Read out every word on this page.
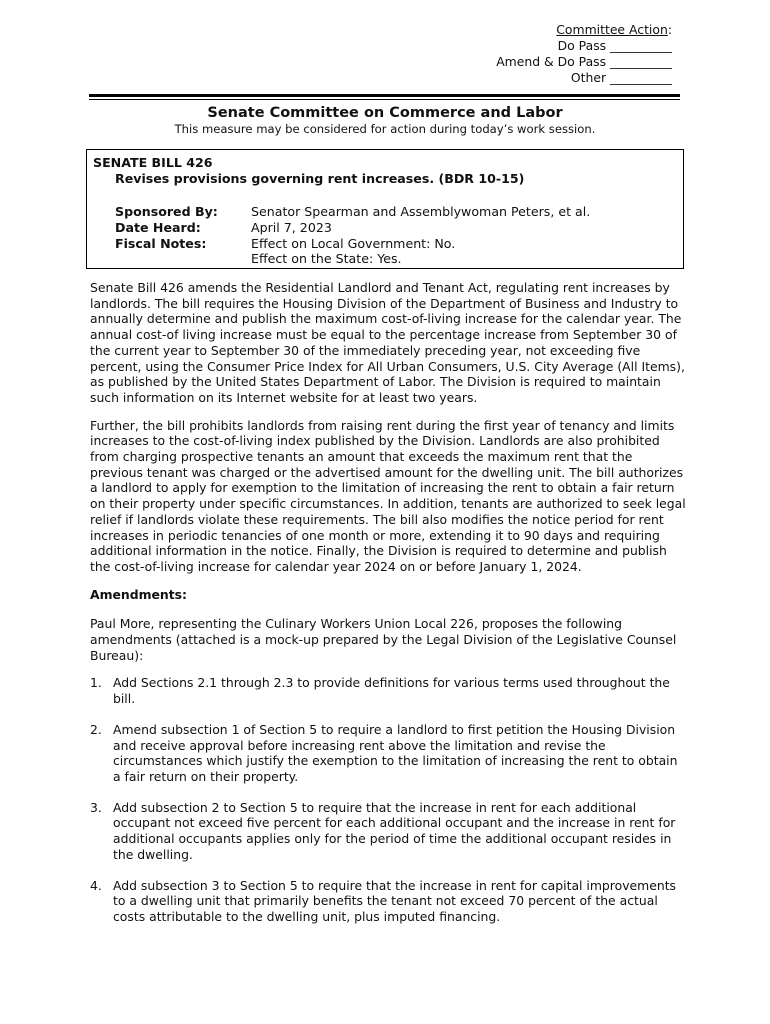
Committee Action:
Do Pass __________
Amend & Do Pass __________
Other __________
Senate Committee on Commerce and Labor
This measure may be considered for action during today’s work session.
SENATE BILL 426
Revises provisions governing rent increases. (BDR 10-15)
Sponsored By:	Senator Spearman and Assemblywoman Peters, et al.
Date Heard:	April 7, 2023
Fiscal Notes:	Effect on Local Government: No.
Effect on the State: Yes.

Senate Bill 426 amends the Residential Landlord and Tenant Act, regulating rent increases by landlords. The bill requires the Housing Division of the Department of Business and Industry to annually determine and publish the maximum cost-of-living increase for the calendar year. The annual cost-of living increase must be equal to the percentage increase from September 30 of the current year to September 30 of the immediately preceding year, not exceeding five percent, using the Consumer Price Index for All Urban Consumers, U.S. City Average (All Items), as published by the United States Department of Labor. The Division is required to maintain such information on its Internet website for at least two years.

Further, the bill prohibits landlords from raising rent during the first year of tenancy and limits increases to the cost-of-living index published by the Division. Landlords are also prohibited from charging prospective tenants an amount that exceeds the maximum rent that the previous tenant was charged or the advertised amount for the dwelling unit. The bill authorizes a landlord to apply for exemption to the limitation of increasing the rent to obtain a fair return on their property under specific circumstances. In addition, tenants are authorized to seek legal relief if landlords violate these requirements. The bill also modifies the notice period for rent increases in periodic tenancies of one month or more, extending it to 90 days and requiring additional information in the notice. Finally, the Division is required to determine and publish the cost-of-living increase for calendar year 2024 on or before January 1, 2024.

Amendments:

Paul More, representing the Culinary Workers Union Local 226, proposes the following amendments (attached is a mock-up prepared by the Legal Division of the Legislative Counsel Bureau):

1. Add Sections 2.1 through 2.3 to provide definitions for various terms used throughout the bill.
2. Amend subsection 1 of Section 5 to require a landlord to first petition the Housing Division and receive approval before increasing rent above the limitation and revise the circumstances which justify the exemption to the limitation of increasing the rent to obtain a fair return on their property.
3. Add subsection 2 to Section 5 to require that the increase in rent for each additional occupant not exceed five percent for each additional occupant and the increase in rent for additional occupants applies only for the period of time the additional occupant resides in the dwelling.
4. Add subsection 3 to Section 5 to require that the increase in rent for capital improvements to a dwelling unit that primarily benefits the tenant not exceed 70 percent of the actual costs attributable to the dwelling unit, plus imputed financing.
